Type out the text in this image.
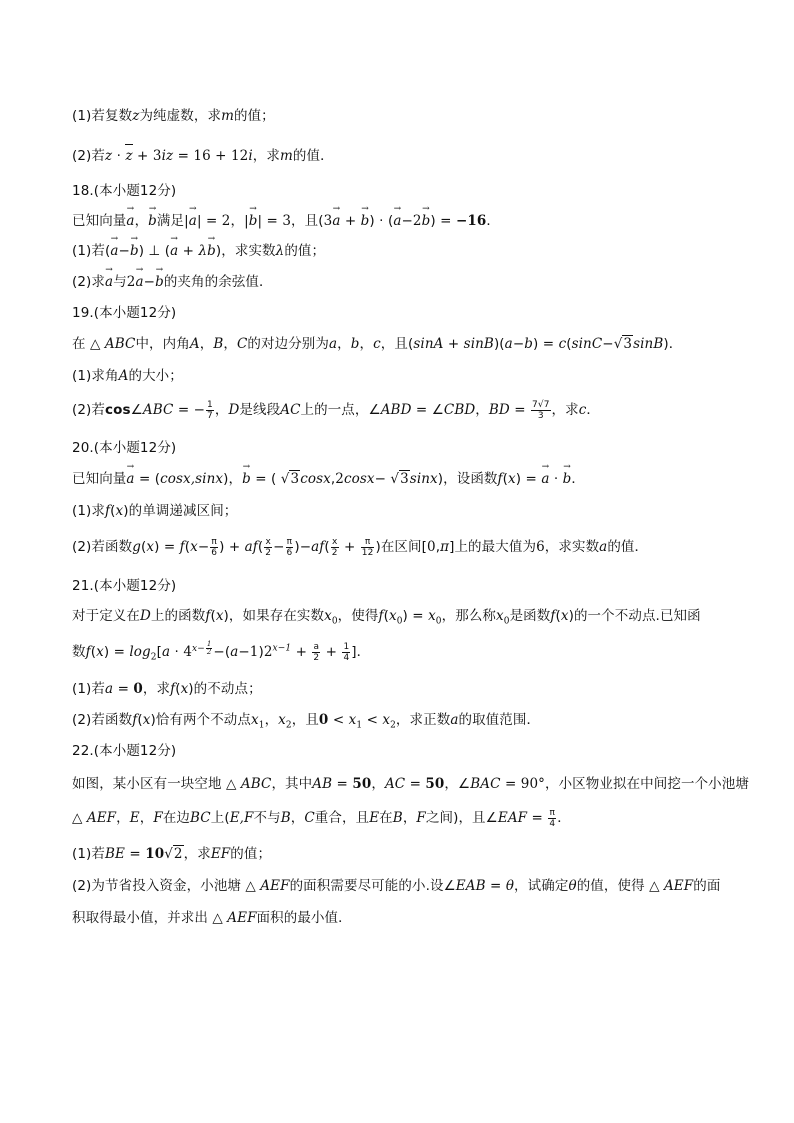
(1)若复数z为纯虚数，求m的值；
(2)若z · z + 3iz = 16 + 12i，求m的值．
18.(本小题12分)
已知向量→ a，→ b满足|→ a| = 2，|→ b| = 3，且(3→ a + → b) · (→ a−2→ b) = −16．
(1)若(→ a−→ b) ⊥ (→ a + λ→ b)，求实数λ的值；
(2)求→ a与2→ a−→ b的夹角的余弦值．
19.(本小题12分)
在 △ ABC中，内角A，B，C的对边分别为a，b，c，且(sinA + sinB)(a−b) = c(sinC−√3sinB)．
(1)求角A的大小；
(2)若cos∠ABC = − $\frac{1}{7}$ ，D是线段AC上的一点，∠ABD = ∠CBD，BD = $\frac{7√7}{3}$ ，求c．
20.(本小题12分)
已知向量→ a = (cosx,sinx)，→ b = ( √3cosx,2cosx− √3sinx)，设函数f(x) = → a · → b．
(1)求f(x)的单调递减区间；
(2)若函数$g(x) = f(x- \frac{\pi}{6}$ ) + $af( \frac{x}{2} - \frac{\pi}{6} )-af( \frac{x}{2} + \frac{\pi}{12}$ )在区间[0,π]上的最大值为6，求实数a的值．
21.(本小题12分)
对于定义在D上的函数f(x)，如果存在实数$x_0$，使得$f(x_0) = x_0$，那么称$x_0$是函数f(x)的一个不动点.已知函
数$f(x) = \log_2[a \cdot 4^{x- \frac{1}{2}} -(a-1)2^{x-1} + \frac{a}{2} + \frac{1}{4}$ ]．
(1)若a = 0，求f(x)的不动点；
(2)若函数f(x)恰有两个不动点$x_1$，$x_2$，且$0 < x_1 < x_2$，求正数a的取值范围．
22.(本小题12分)
如图，某小区有一块空地 △ ABC，其中AB = 50，AC = 50，∠BAC = 90°，小区物业拟在中间挖一个小池塘
△ AEF，E，F在边BC上(E,F不与B，C重合，且E在B，F之间)，且∠EAF = $\frac{\pi}{4}$ ．
(1)若BE = 10√2，求EF的值；
(2)为节省投入资金，小池塘 △ AEF的面积需要尽可能的小.设∠EAB = θ，试确定θ的值，使得 △ AEF的面
积取得最小值，并求出 △ AEF面积的最小值．
